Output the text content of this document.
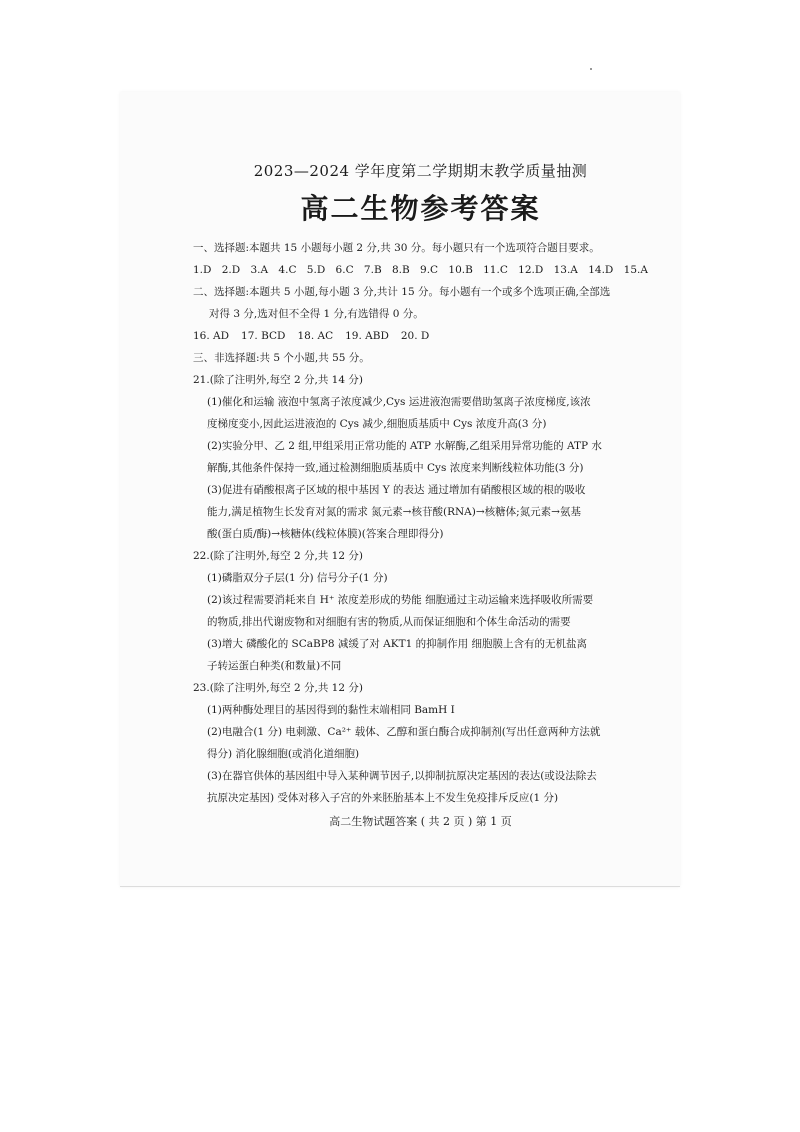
2023—2024 学年度第二学期期末教学质量抽测
高二生物参考答案

一、选择题:本题共 15 小题每小题 2 分,共 30 分。每小题只有一个选项符合题目要求。

1.D 2.D 3.A 4.C 5.D 6.C 7.B 8.B 9.C 10.B 11.C 12.D 13.A 14.D 15.A

二、选择题:本题共 5 小题,每小题 3 分,共计 15 分。每小题有一个或多个选项正确,全部选

对得 3 分,选对但不全得 1 分,有选错得 0 分。

16. AD 17. BCD 18. AC 19. ABD 20. D

三、非选择题:共 5 个小题,共 55 分。

21.(除了注明外,每空 2 分,共 14 分)

(1)催化和运输 液泡中氢离子浓度减少,Cys 运进液泡需要借助氢离子浓度梯度,该浓

度梯度变小,因此运进液泡的 Cys 减少,细胞质基质中 Cys 浓度升高(3 分)

(2)实验分甲、乙 2 组,甲组采用正常功能的 ATP 水解酶,乙组采用异常功能的 ATP 水

解酶,其他条件保持一致,通过检测细胞质基质中 Cys 浓度来判断线粒体功能(3 分)

(3)促进有硝酸根离子区域的根中基因 Y 的表达 通过增加有硝酸根区域的根的吸收

能力,满足植物生长发育对氮的需求 氮元素→核苷酸(RNA)→核糖体;氮元素→氨基

酸(蛋白质/酶)→核糖体(线粒体膜)(答案合理即得分)

22.(除了注明外,每空 2 分,共 12 分)

(1)磷脂双分子层(1 分) 信号分子(1 分)

(2)该过程需要消耗来自 H⁺ 浓度差形成的势能 细胞通过主动运输来选择吸收所需要

的物质,排出代谢废物和对细胞有害的物质,从而保证细胞和个体生命活动的需要

(3)增大 磷酸化的 SCaBP8 减缓了对 AKT1 的抑制作用 细胞膜上含有的无机盐离

子转运蛋白种类(和数量)不同

23.(除了注明外,每空 2 分,共 12 分)

(1)两种酶处理目的基因得到的黏性末端相同 BamH Ⅰ

(2)电融合(1 分) 电刺激、Ca²⁺ 载体、乙醇和蛋白酶合成抑制剂(写出任意两种方法就

得分) 消化腺细胞(或消化道细胞)

(3)在器官供体的基因组中导入某种调节因子,以抑制抗原决定基因的表达(或设法除去

抗原决定基因) 受体对移入子宫的外来胚胎基本上不发生免疫排斥反应(1 分)

高二生物试题答案 ( 共 2 页 ) 第 1 页
